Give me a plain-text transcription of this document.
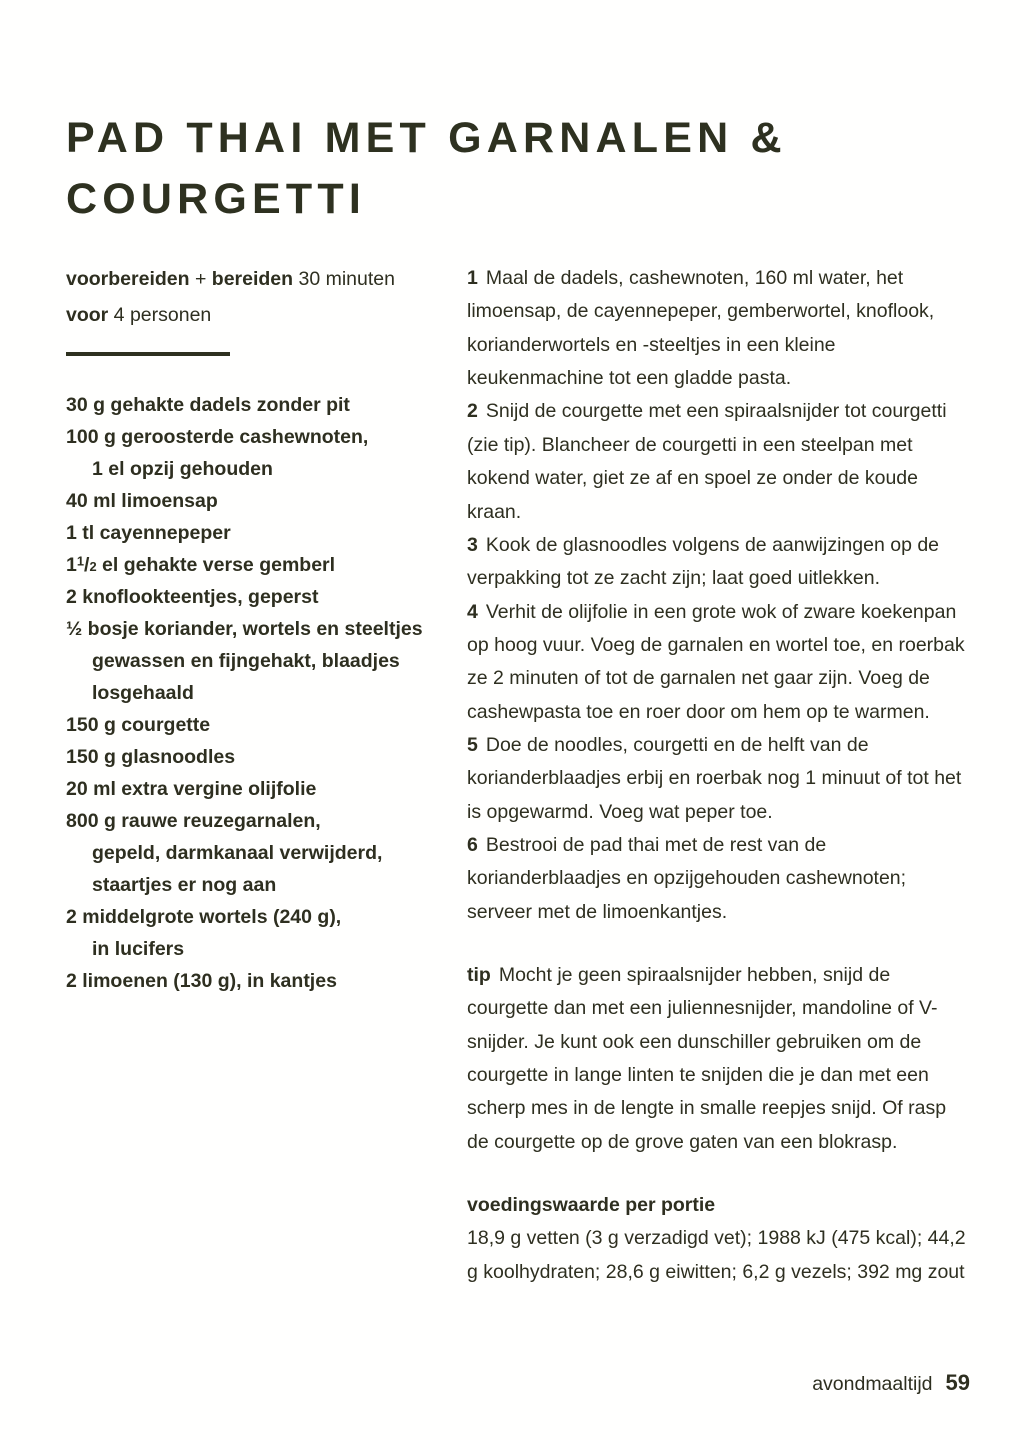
PAD THAI MET GARNALEN & COURGETTI
voorbereiden + bereiden 30 minuten
voor 4 personen
30 g gehakte dadels zonder pit
100 g geroosterde cashewnoten,
1 el opzij gehouden
40 ml limoensap
1 tl cayennepeper
$1^1/_2$ el gehakte verse gemberl
2 knoflookteentjes, geperst
½ bosje koriander, wortels en steeltjes
gewassen en fijngehakt, blaadjes
losgehaald
150 g courgette
150 g glasnoodles
20 ml extra vergine olijfolie
800 g rauwe reuzegarnalen,
gepeld, darmkanaal verwijderd,
staartjes er nog aan
2 middelgrote wortels (240 g),
in lucifers
2 limoenen (130 g), in kantjes

1 Maal de dadels, cashewnoten, 160 ml water, het limoensap, de cayennepeper, gemberwortel, knoflook, korianderwortels en -steeltjes in een kleine keukenmachine tot een gladde pasta.

2 Snijd de courgette met een spiraalsnijder tot courgetti (zie tip). Blancheer de courgetti in een steelpan met kokend water, giet ze af en spoel ze onder de koude kraan.

3 Kook de glasnoodles volgens de aanwijzingen op de verpakking tot ze zacht zijn; laat goed uitlekken.

4 Verhit de olijfolie in een grote wok of zware koekenpan op hoog vuur. Voeg de garnalen en wortel toe, en roerbak ze 2 minuten of tot de garnalen net gaar zijn. Voeg de cashewpasta toe en roer door om hem op te warmen.

5 Doe de noodles, courgetti en de helft van de korianderblaadjes erbij en roerbak nog 1 minuut of tot het is opgewarmd. Voeg wat peper toe.

6 Bestrooi de pad thai met de rest van de korianderblaadjes en opzijgehouden cashewnoten; serveer met de limoenkantjes.

tip Mocht je geen spiraalsnijder hebben, snijd de courgette dan met een juliennesnijder, mandoline of V-snijder. Je kunt ook een dunschiller gebruiken om de courgette in lange linten te snijden die je dan met een scherp mes in de lengte in smalle reepjes snijd. Of rasp de courgette op de grove gaten van een blokrasp.

voedingswaarde per portie

18,9 g vetten (3 g verzadigd vet); 1988 kJ (475 kcal); 44,2 g koolhydraten; 28,6 g eiwitten; 6,2 g vezels; 392 mg zout

avondmaaltijd 59
